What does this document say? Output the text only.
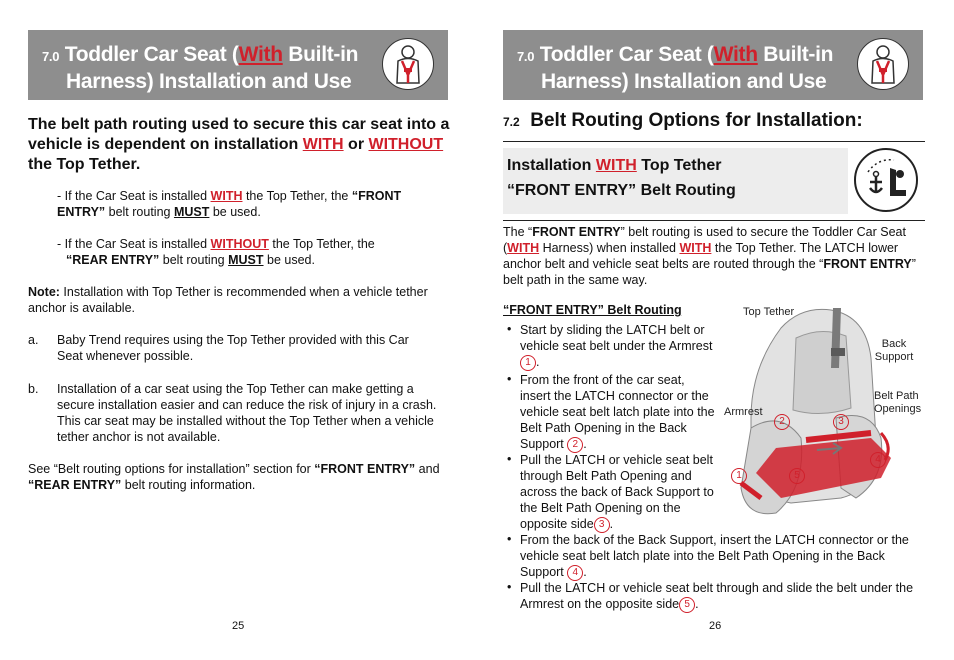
7.0 Toddler Car Seat (With Built-in
Harness) Installation and Use
The belt path routing used to secure this car seat into a vehicle is dependent on installation WITH or WITHOUT the Top Tether.
- If the Car Seat is installed WITH the Top Tether, the “FRONT ENTRY” belt routing MUST be used.
- If the Car Seat is installed WITHOUT the Top Tether, the
“REAR ENTRY” belt routing MUST be used.
Note: Installation with Top Tether is recommended when a vehicle tether anchor is available.
a.	Baby Trend requires using the Top Tether provided with this Car Seat whenever possible.
b.	Installation of a car seat using the Top Tether can make getting a secure installation easier and can reduce the risk of injury in a crash. This car seat may be installed without the Top Tether when a vehicle tether anchor is not available.
See “Belt routing options for installation” section for “FRONT ENTRY” and “REAR ENTRY” belt routing information.
25
7.0 Toddler Car Seat (With Built-in
Harness) Installation and Use
7.2 Belt Routing Options for Installation:
Installation WITH Top Tether
“FRONT ENTRY” Belt Routing
The “FRONT ENTRY” belt routing is used to secure the Toddler Car Seat (WITH Harness) when installed WITH the Top Tether. The LATCH lower anchor belt and vehicle seat belts are routed through the “FRONT ENTRY” belt path in the same way.
“FRONT ENTRY” Belt Routing
• Start by sliding the LATCH belt or vehicle seat belt under the Armrest1 .
• From the front of the car seat, insert the LATCH connector or the vehicle seat belt latch plate into the Belt Path Opening in the Back Support 2 .
• Pull the LATCH or vehicle seat belt through Belt Path Opening and across the back of Back Support to the Belt Path Opening on the opposite side 3 .
• From the back of the Back Support, insert the LATCH connector or the vehicle seat belt latch plate into the Belt Path Opening in the Back Support 4 .
• Pull the LATCH or vehicle seat belt through and slide the belt under the Armrest on the opposite side 5 .
Top Tether
Back Support
Belt Path Openings
Armrest
1
2	3
4
5
26
